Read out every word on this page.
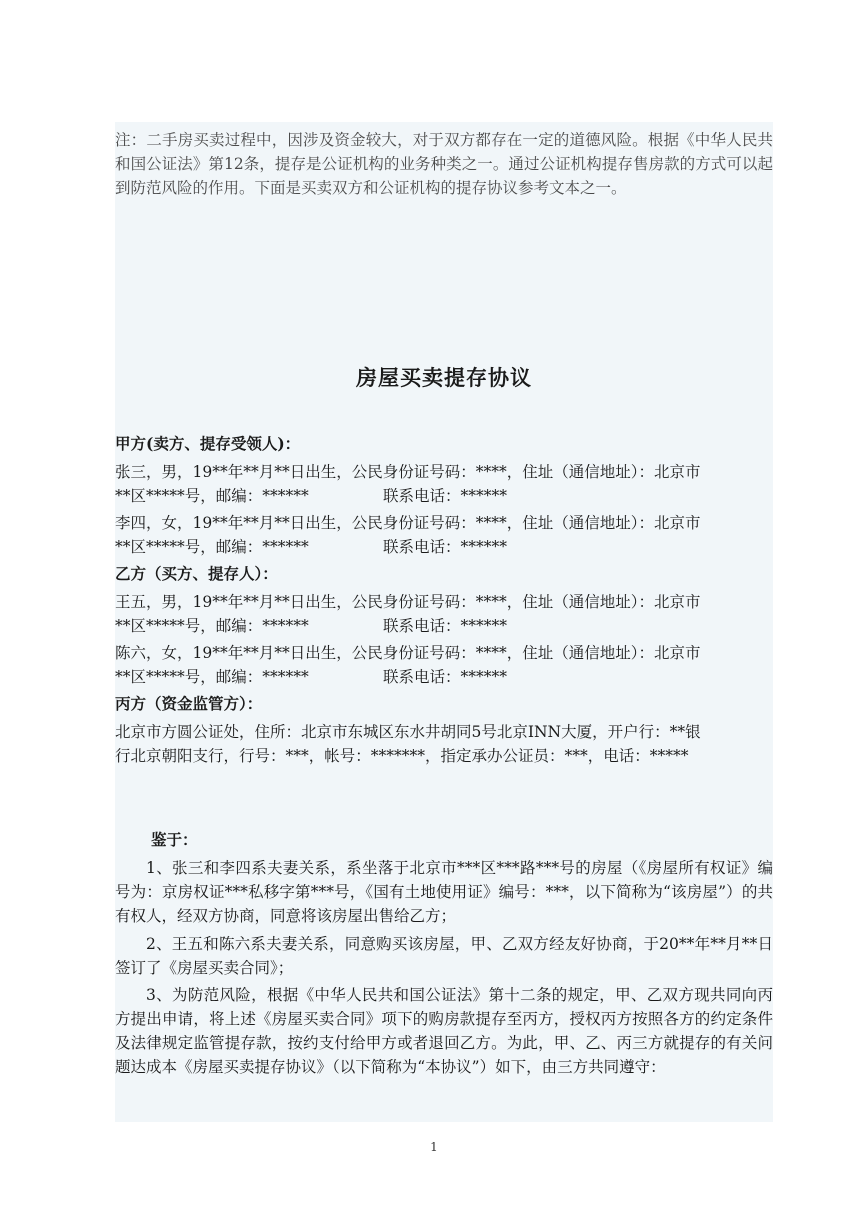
注：二手房买卖过程中，因涉及资金较大，对于双方都存在一定的道德风险。根据《中华人民共和国公证法》第12条，提存是公证机构的业务种类之一。通过公证机构提存售房款的方式可以起到防范风险的作用。下面是买卖双方和公证机构的提存协议参考文本之一。

房屋买卖提存协议

甲方(卖方、提存受领人)：

张三，男，19**年**月**日出生，公民身份证号码：****，住址（通信地址）：北京市

**区*****号，邮编：******	联系电话：******

李四，女，19**年**月**日出生，公民身份证号码：****，住址（通信地址）：北京市

**区*****号，邮编：******	联系电话：******

乙方（买方、提存人）：

王五，男，19**年**月**日出生，公民身份证号码：****，住址（通信地址）：北京市

**区*****号，邮编：******	联系电话：******

陈六，女，19**年**月**日出生，公民身份证号码：****，住址（通信地址）：北京市

**区*****号，邮编：******	联系电话：******

丙方（资金监管方）：

北京市方圆公证处，住所：北京市东城区东水井胡同5号北京INN大厦，开户行：**银

行北京朝阳支行，行号：***，帐号：*******，指定承办公证员：***，电话：*****

鉴于：

1、张三和李四系夫妻关系，系坐落于北京市***区***路***号的房屋（《房屋所有权证》编号为：京房权证***私移字第***号，《国有土地使用证》编号：***，以下简称为“该房屋”）的共有权人，经双方协商，同意将该房屋出售给乙方；

2、王五和陈六系夫妻关系，同意购买该房屋，甲、乙双方经友好协商，于20**年**月**日签订了《房屋买卖合同》；

3、为防范风险，根据《中华人民共和国公证法》第十二条的规定，甲、乙双方现共同向丙方提出申请，将上述《房屋买卖合同》项下的购房款提存至丙方，授权丙方按照各方的约定条件及法律规定监管提存款，按约支付给甲方或者退回乙方。为此，甲、乙、丙三方就提存的有关问题达成本《房屋买卖提存协议》（以下简称为“本协议”）如下，由三方共同遵守：

1
